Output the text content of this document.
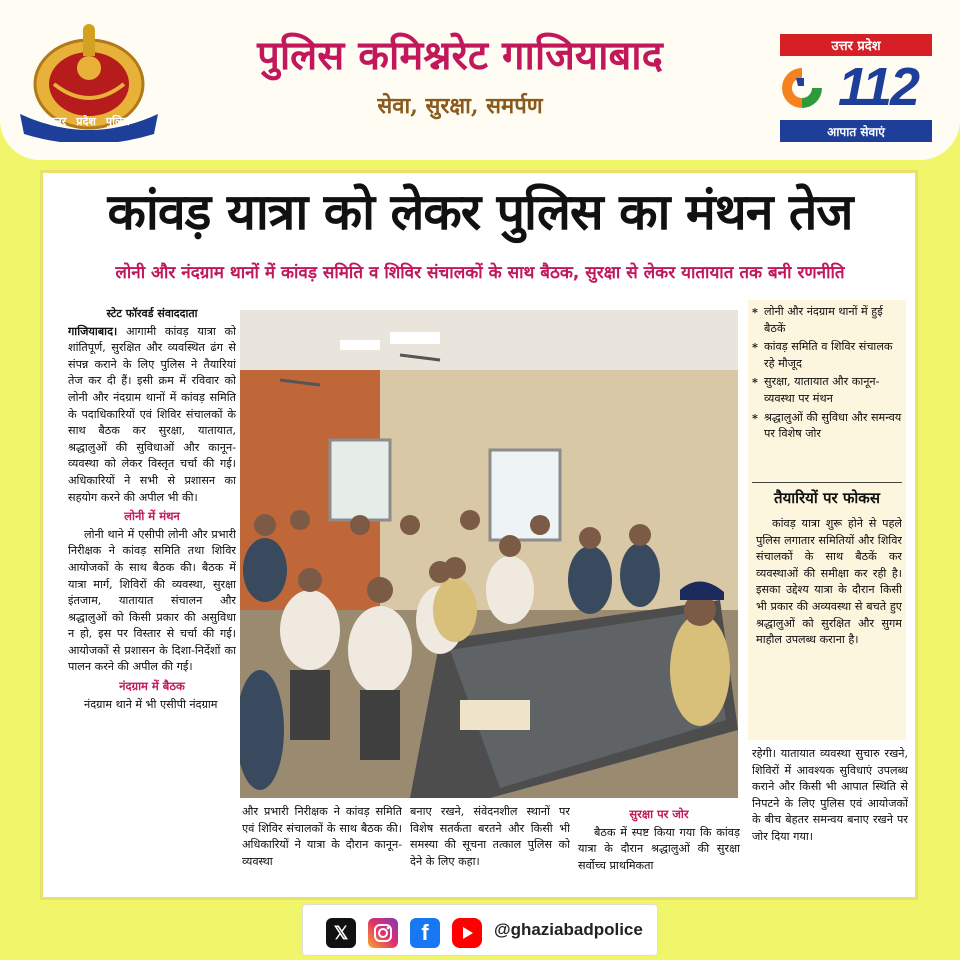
उत्तर प्रदेश पुलिस
पुलिस कमिश्नरेट गाजियाबाद
सेवा, सुरक्षा, समर्पण
उत्तर प्रदेश
112
आपात सेवाएं
कांवड़ यात्रा को लेकर पुलिस का मंथन तेज
लोनी और नंदग्राम थानों में कांवड़ समिति व शिविर संचालकों के साथ बैठक, सुरक्षा से लेकर यातायात तक बनी रणनीति
स्टेट फॉरवर्ड संवाददाता

गाजियाबाद। आगामी कांवड़ यात्रा को शांतिपूर्ण, सुरक्षित और व्यवस्थित ढंग से संपन्न कराने के लिए पुलिस ने तैयारियां तेज कर दी हैं। इसी क्रम में रविवार को लोनी और नंदग्राम थानों में कांवड़ समिति के पदाधिकारियों एवं शिविर संचालकों के साथ बैठक कर सुरक्षा, यातायात, श्रद्धालुओं की सुविधाओं और कानून-व्यवस्था को लेकर विस्तृत चर्चा की गई। अधिकारियों ने सभी से प्रशासन का सहयोग करने की अपील भी की।

लोनी में मंथन

लोनी थाने में एसीपी लोनी और प्रभारी निरीक्षक ने कांवड़ समिति तथा शिविर आयोजकों के साथ बैठक की। बैठक में यात्रा मार्ग, शिविरों की व्यवस्था, सुरक्षा इंतजाम, यातायात संचालन और श्रद्धालुओं को किसी प्रकार की असुविधा न हो, इस पर विस्तार से चर्चा की गई। आयोजकों से प्रशासन के दिशा-निर्देशों का पालन करने की अपील की गई।

नंदग्राम में बैठक

नंदग्राम थाने में भी एसीपी नंदग्राम

और प्रभारी निरीक्षक ने कांवड़ समिति एवं शिविर संचालकों के साथ बैठक की। अधिकारियों ने यात्रा के दौरान कानून-व्यवस्था

बनाए रखने, संवेदनशील स्थानों पर विशेष सतर्कता बरतने और किसी भी समस्या की सूचना तत्काल पुलिस को देने के लिए कहा।

सुरक्षा पर जोर

बैठक में स्पष्ट किया गया कि कांवड़ यात्रा के दौरान श्रद्धालुओं की सुरक्षा सर्वोच्च प्राथमिकता

* लोनी और नंदग्राम थानों में हुई बैठकें
* कांवड़ समिति व शिविर संचालक रहे मौजूद
* सुरक्षा, यातायात और कानून-व्यवस्था पर मंथन
* श्रद्धालुओं की सुविधा और समन्वय पर विशेष जोर
तैयारियों पर फोकस

कांवड़ यात्रा शुरू होने से पहले पुलिस लगातार समितियों और शिविर संचालकों के साथ बैठकें कर व्यवस्थाओं की समीक्षा कर रही है। इसका उद्देश्य यात्रा के दौरान किसी भी प्रकार की अव्यवस्था से बचते हुए श्रद्धालुओं को सुरक्षित और सुगम माहौल उपलब्ध कराना है।

रहेगी। यातायात व्यवस्था सुचारु रखने, शिविरों में आवश्यक सुविधाएं उपलब्ध कराने और किसी भी आपात स्थिति से निपटने के लिए पुलिस एवं आयोजकों के बीच बेहतर समन्वय बनाए रखने पर जोर दिया गया।

𝕏	f	@ghaziabadpolice
